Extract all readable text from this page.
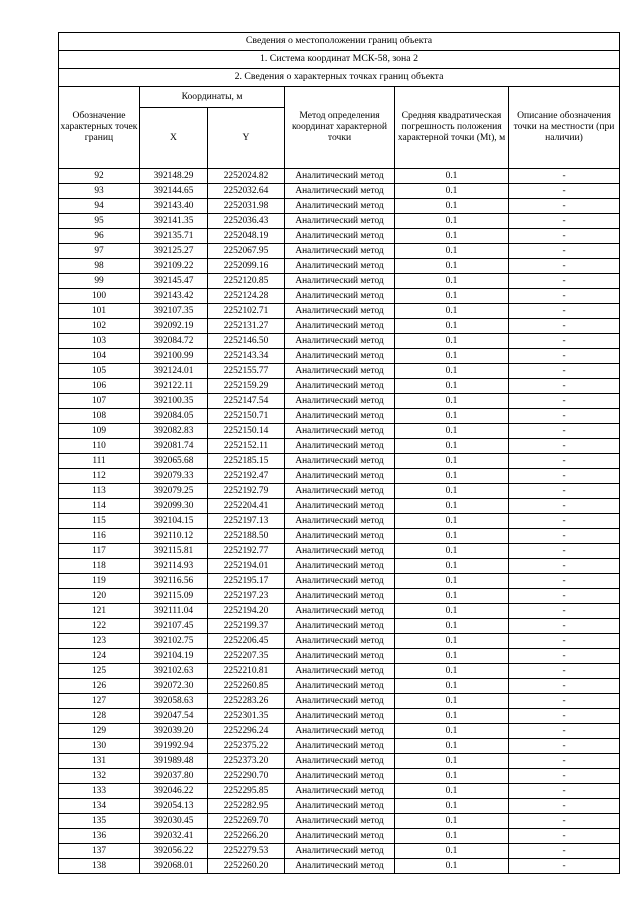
Сведения о местоположении границ объекта					
1. Система координат МСК-58, зона 2					
2. Сведения о характерных точках границ объекта					
Обозначение характерных точек границ	Координаты, м		Метод определения координат характерной точки	Средняя квадратическая погрешность положения характерной точки (Mt), м	Описание обозначения точки на местности (при наличии)
	X	Y			
92	392148.29	2252024.82	Аналитический метод	0.1	-
93	392144.65	2252032.64	Аналитический метод	0.1	-
94	392143.40	2252031.98	Аналитический метод	0.1	-
95	392141.35	2252036.43	Аналитический метод	0.1	-
96	392135.71	2252048.19	Аналитический метод	0.1	-
97	392125.27	2252067.95	Аналитический метод	0.1	-
98	392109.22	2252099.16	Аналитический метод	0.1	-
99	392145.47	2252120.85	Аналитический метод	0.1	-
100	392143.42	2252124.28	Аналитический метод	0.1	-
101	392107.35	2252102.71	Аналитический метод	0.1	-
102	392092.19	2252131.27	Аналитический метод	0.1	-
103	392084.72	2252146.50	Аналитический метод	0.1	-
104	392100.99	2252143.34	Аналитический метод	0.1	-
105	392124.01	2252155.77	Аналитический метод	0.1	-
106	392122.11	2252159.29	Аналитический метод	0.1	-
107	392100.35	2252147.54	Аналитический метод	0.1	-
108	392084.05	2252150.71	Аналитический метод	0.1	-
109	392082.83	2252150.14	Аналитический метод	0.1	-
110	392081.74	2252152.11	Аналитический метод	0.1	-
111	392065.68	2252185.15	Аналитический метод	0.1	-
112	392079.33	2252192.47	Аналитический метод	0.1	-
113	392079.25	2252192.79	Аналитический метод	0.1	-
114	392099.30	2252204.41	Аналитический метод	0.1	-
115	392104.15	2252197.13	Аналитический метод	0.1	-
116	392110.12	2252188.50	Аналитический метод	0.1	-
117	392115.81	2252192.77	Аналитический метод	0.1	-
118	392114.93	2252194.01	Аналитический метод	0.1	-
119	392116.56	2252195.17	Аналитический метод	0.1	-
120	392115.09	2252197.23	Аналитический метод	0.1	-
121	392111.04	2252194.20	Аналитический метод	0.1	-
122	392107.45	2252199.37	Аналитический метод	0.1	-
123	392102.75	2252206.45	Аналитический метод	0.1	-
124	392104.19	2252207.35	Аналитический метод	0.1	-
125	392102.63	2252210.81	Аналитический метод	0.1	-
126	392072.30	2252260.85	Аналитический метод	0.1	-
127	392058.63	2252283.26	Аналитический метод	0.1	-
128	392047.54	2252301.35	Аналитический метод	0.1	-
129	392039.20	2252296.24	Аналитический метод	0.1	-
130	391992.94	2252375.22	Аналитический метод	0.1	-
131	391989.48	2252373.20	Аналитический метод	0.1	-
132	392037.80	2252290.70	Аналитический метод	0.1	-
133	392046.22	2252295.85	Аналитический метод	0.1	-
134	392054.13	2252282.95	Аналитический метод	0.1	-
135	392030.45	2252269.70	Аналитический метод	0.1	-
136	392032.41	2252266.20	Аналитический метод	0.1	-
137	392056.22	2252279.53	Аналитический метод	0.1	-
138	392068.01	2252260.20	Аналитический метод	0.1	-
